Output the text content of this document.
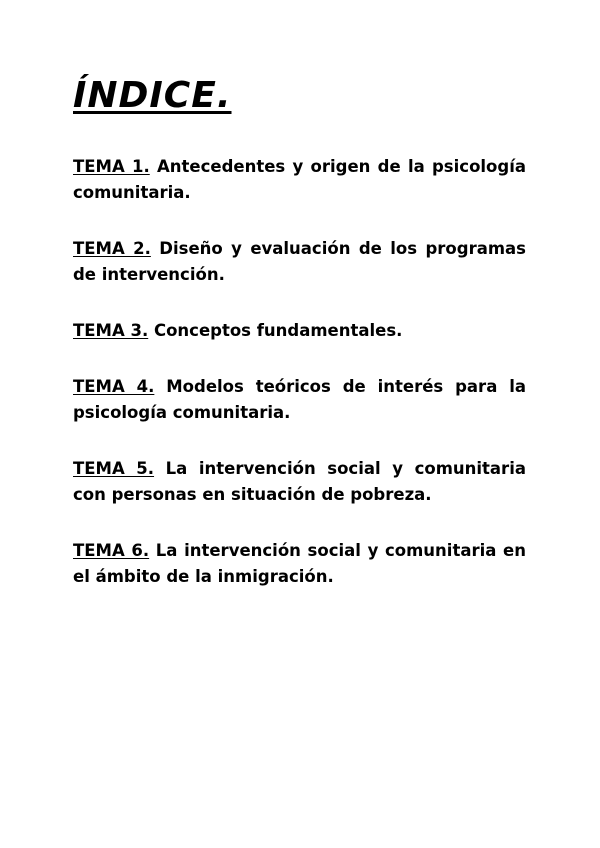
ÍNDICE.

TEMA 1. Antecedentes y origen de la psicología comunitaria.

TEMA 2. Diseño y evaluación de los programas de intervención.

TEMA 3. Conceptos fundamentales.

TEMA 4. Modelos teóricos de interés para la psicología comunitaria.

TEMA 5. La intervención social y comunitaria con personas en situación de pobreza.

TEMA 6. La intervención social y comunitaria en el ámbito de la inmigración.
